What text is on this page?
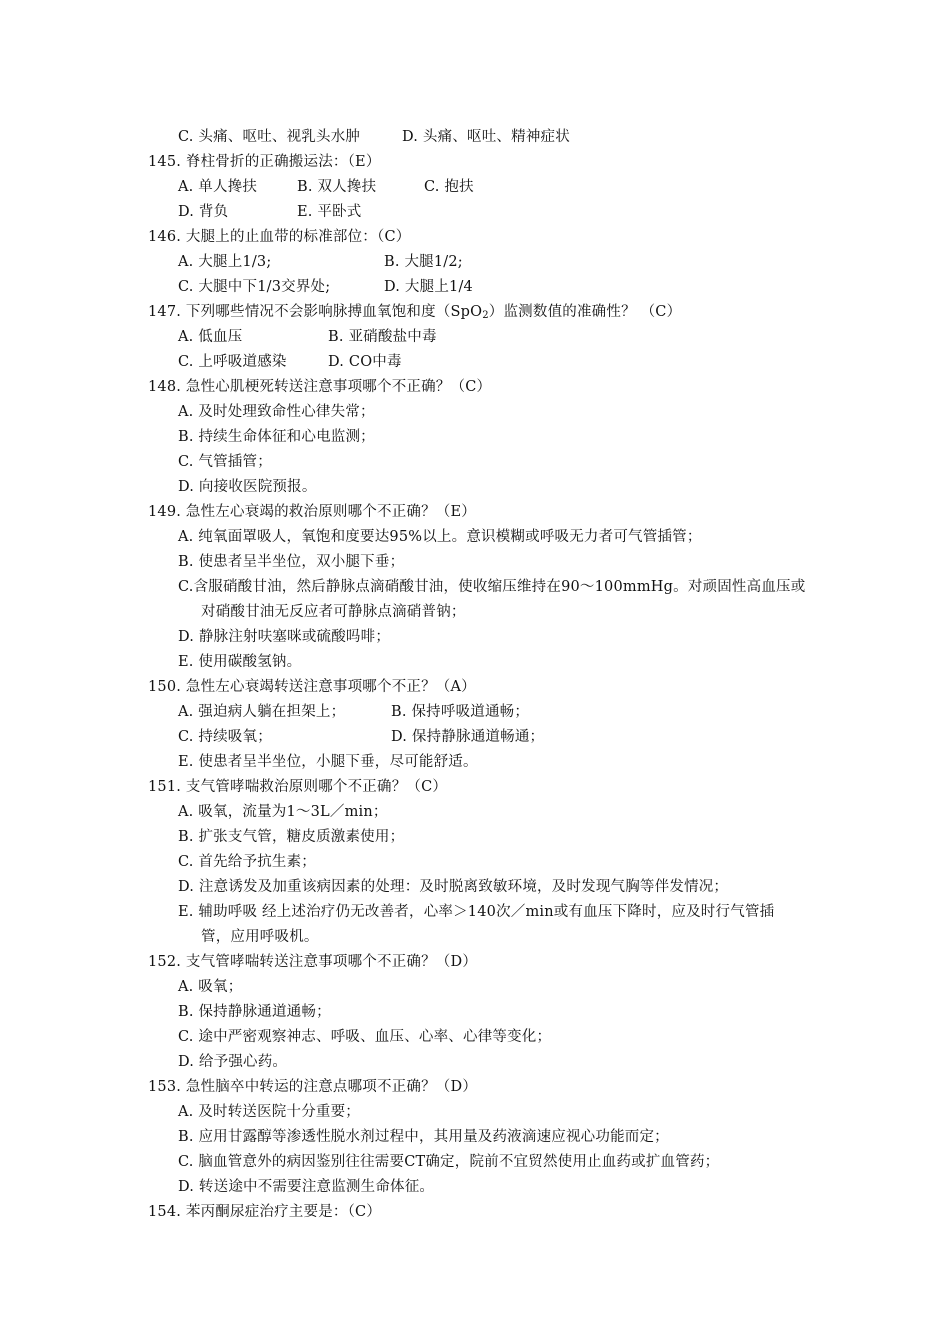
C. 头痛、呕吐、视乳头水肿	D. 头痛、呕吐、精神症状
145. 脊柱骨折的正确搬运法：（E）
A. 单人搀扶	B. 双人搀扶	C. 抱扶
D. 背负	E. 平卧式
146. 大腿上的止血带的标准部位：（C）
A. 大腿上1/3;	B. 大腿1/2;
C. 大腿中下1/3交界处;	D. 大腿上1/4
147. 下列哪些情况不会影响脉搏血氧饱和度（SpO$_2$）监测数值的准确性？ （C）
A. 低血压	B. 亚硝酸盐中毒
C. 上呼吸道感染	D. CO中毒
148. 急性心肌梗死转送注意事项哪个不正确？（C）
A. 及时处理致命性心律失常；
B. 持续生命体征和心电监测；
C. 气管插管；
D. 向接收医院预报。
149. 急性左心衰竭的救治原则哪个不正确？（E）
A. 纯氧面罩吸人，氧饱和度要达95%以上。意识模糊或呼吸无力者可气管插管；
B. 使患者呈半坐位，双小腿下垂；
C.含服硝酸甘油，然后静脉点滴硝酸甘油，使收缩压维持在90～100mmHg。对顽固性高血压或
对硝酸甘油无反应者可静脉点滴硝普钠；
D. 静脉注射呋塞咪或硫酸吗啡；
E. 使用碳酸氢钠。
150. 急性左心衰竭转送注意事项哪个不正？（A）
A. 强迫病人躺在担架上；	B. 保持呼吸道通畅；
C. 持续吸氧；	D. 保持静脉通道畅通；
E. 使患者呈半坐位，小腿下垂，尽可能舒适。
151. 支气管哮喘救治原则哪个不正确？（C）
A. 吸氧，流量为1～3L／min；
B. 扩张支气管，糖皮质激素使用；
C. 首先给予抗生素；
D. 注意诱发及加重该病因素的处理：及时脱离致敏环境，及时发现气胸等伴发情况；
E. 辅助呼吸 经上述治疗仍无改善者，心率＞140次／min或有血压下降时，应及时行气管插
管，应用呼吸机。
152. 支气管哮喘转送注意事项哪个不正确？（D）
A. 吸氧；
B. 保持静脉通道通畅；
C. 途中严密观察神志、呼吸、血压、心率、心律等变化；
D. 给予强心药。
153. 急性脑卒中转运的注意点哪项不正确？（D）
A. 及时转送医院十分重要；
B. 应用甘露醇等渗透性脱水剂过程中，其用量及药液滴速应视心功能而定；
C. 脑血管意外的病因鉴别往往需要CT确定，院前不宜贸然使用止血药或扩血管药；
D. 转送途中不需要注意监测生命体征。
154. 苯丙酮尿症治疗主要是：（C）
